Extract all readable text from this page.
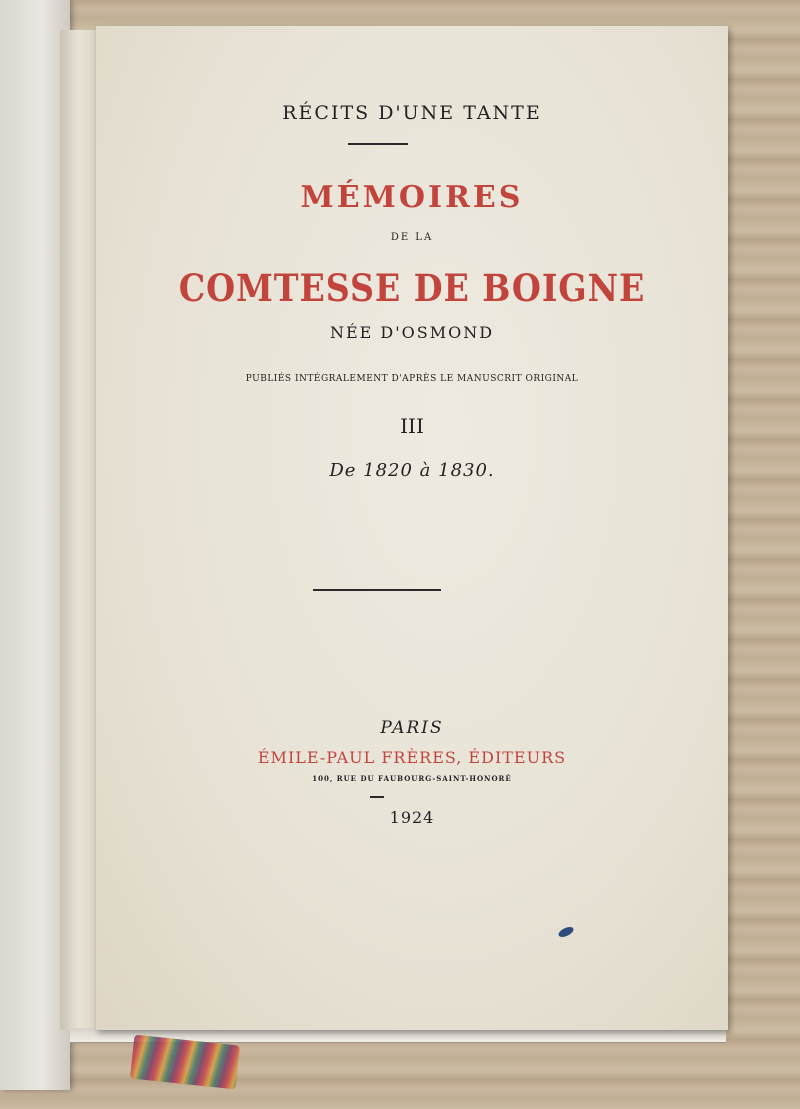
RÉCITS D'UNE TANTE

MÉMOIRES

DE LA

COMTESSE DE BOIGNE

NÉE D'OSMOND

PUBLIÉS INTÉGRALEMENT D'APRÈS LE MANUSCRIT ORIGINAL

III

De 1820 à 1830.

PARIS

ÉMILE-PAUL FRÈRES, ÉDITEURS

100, RUE DU FAUBOURG-SAINT-HONORÉ

1924
